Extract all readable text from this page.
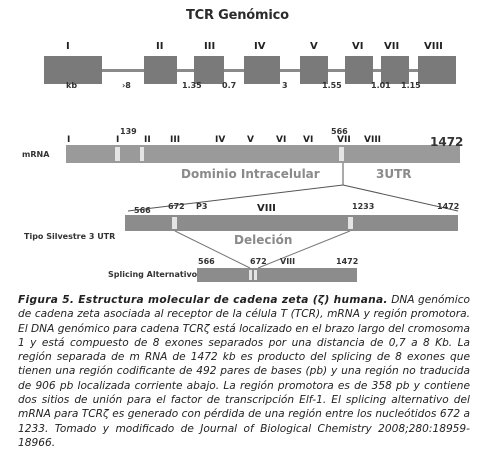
TCR Genómico
I	II	III	IV	V	VI VII VIII
kb	›8	1.35	0.7	3	1.55	1.01 1.15
mRNA
139	566
1472
I	I	II III	IV V VI VI	VII VIII
Dominio Intracelular	3UTR
Tipo Silvestre 3 UTR
566 672 P3	VIII	1233	1472
Deleción
Splicing Alternativo
566	672 VIII	1472
Figura 5. Estructura molecular de cadena zeta (ζ) humana. DNA genómico de cadena zeta asociada al receptor de la célula T (TCR), mRNA y región promotora. El DNA genómico para cadena TCRζ está localizado en el brazo largo del cromosoma 1 y está compuesto de 8 exones separados por una distancia de 0,7 a 8 Kb. La región separada de m RNA de 1472 kb es producto del splicing de 8 exones que tienen una región codificante de 492 pares de bases (pb) y una región no traducida de 906 pb localizada corriente abajo. La región promotora es de 358 pb y contiene dos sitios de unión para el factor de transcripción Elf-1. El splicing alternativo del mRNA para TCRζ es generado con pérdida de una región entre los nucleótidos 672 a 1233. Tomado y modificado de Journal of Biological Chemistry 2008;280:18959-18966.
